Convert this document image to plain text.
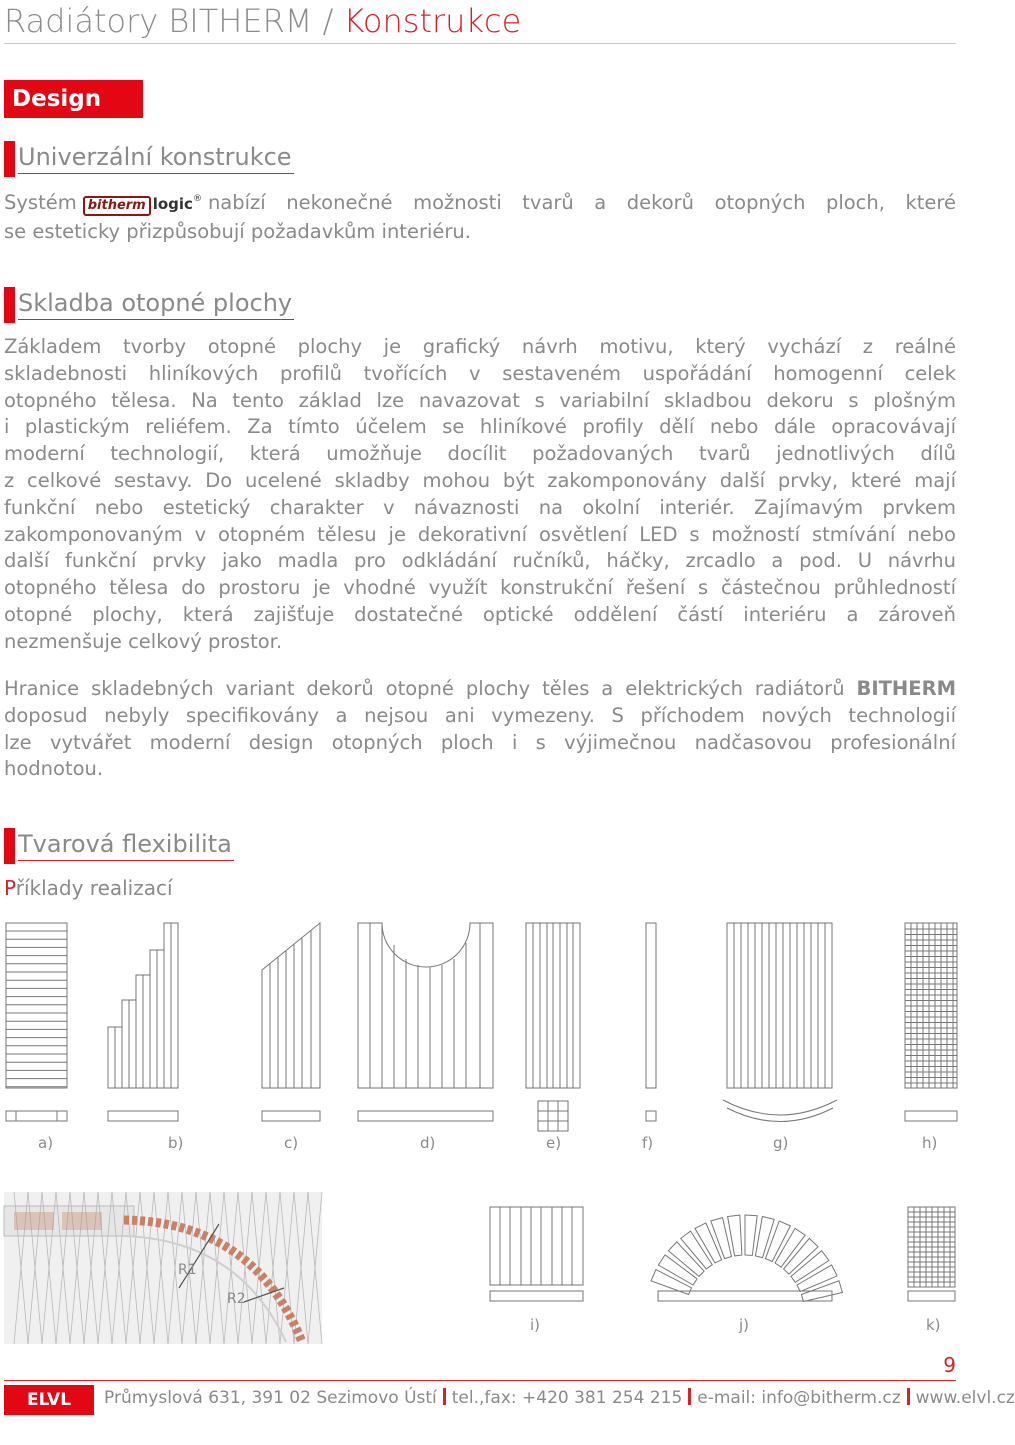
Radiátory BITHERM / Konstrukce
Design
Univerzální konstrukce
Systém bitherm logic® nabízí nekonečné možnosti tvarů a dekorů otopných ploch, které
se esteticky přizpůsobují požadavkům interiéru.
Skladba otopné plochy
Základem tvorby otopné plochy je grafický návrh motivu, který vychází z reálné
skladebnosti hliníkových profilů tvořících v sestaveném uspořádání homogenní celek
otopného tělesa. Na tento základ lze navazovat s variabilní skladbou dekoru s plošným
i plastickým reliéfem. Za tímto účelem se hliníkové profily dělí nebo dále opracovávají
moderní technologií, která umožňuje docílit požadovaných tvarů jednotlivých dílů
z celkové sestavy. Do ucelené skladby mohou být zakomponovány další prvky, které mají
funkční nebo estetický charakter v návaznosti na okolní interiér. Zajímavým prvkem
zakomponovaným v otopném tělesu je dekorativní osvětlení LED s možností stmívání nebo
další funkční prvky jako madla pro odkládání ručníků, háčky, zrcadlo a pod. U návrhu
otopného tělesa do prostoru je vhodné využít konstrukční řešení s částečnou průhledností
otopné plochy, která zajišťuje dostatečné optické oddělení částí interiéru a zároveň
nezmenšuje celkový prostor.
Hranice skladebných variant dekorů otopné plochy těles a elektrických radiátorů BITHERM
doposud nebyly specifikovány a nejsou ani vymezeny. S příchodem nových technologií
lze vytvářet moderní design otopných ploch i s výjimečnou nadčasovou profesionální
hodnotou.
Tvarová flexibilita
Příklady realizací
a)	b)	c)	d)	e)	f)	g)	h)
R1
R2
i)	j)	k)
9
ELVL s.r.o.
Průmyslová 631, 391 02 Sezimovo Ústí tel.,fax: +420 381 254 215 e-mail: info@bitherm.cz www.elvl.cz
